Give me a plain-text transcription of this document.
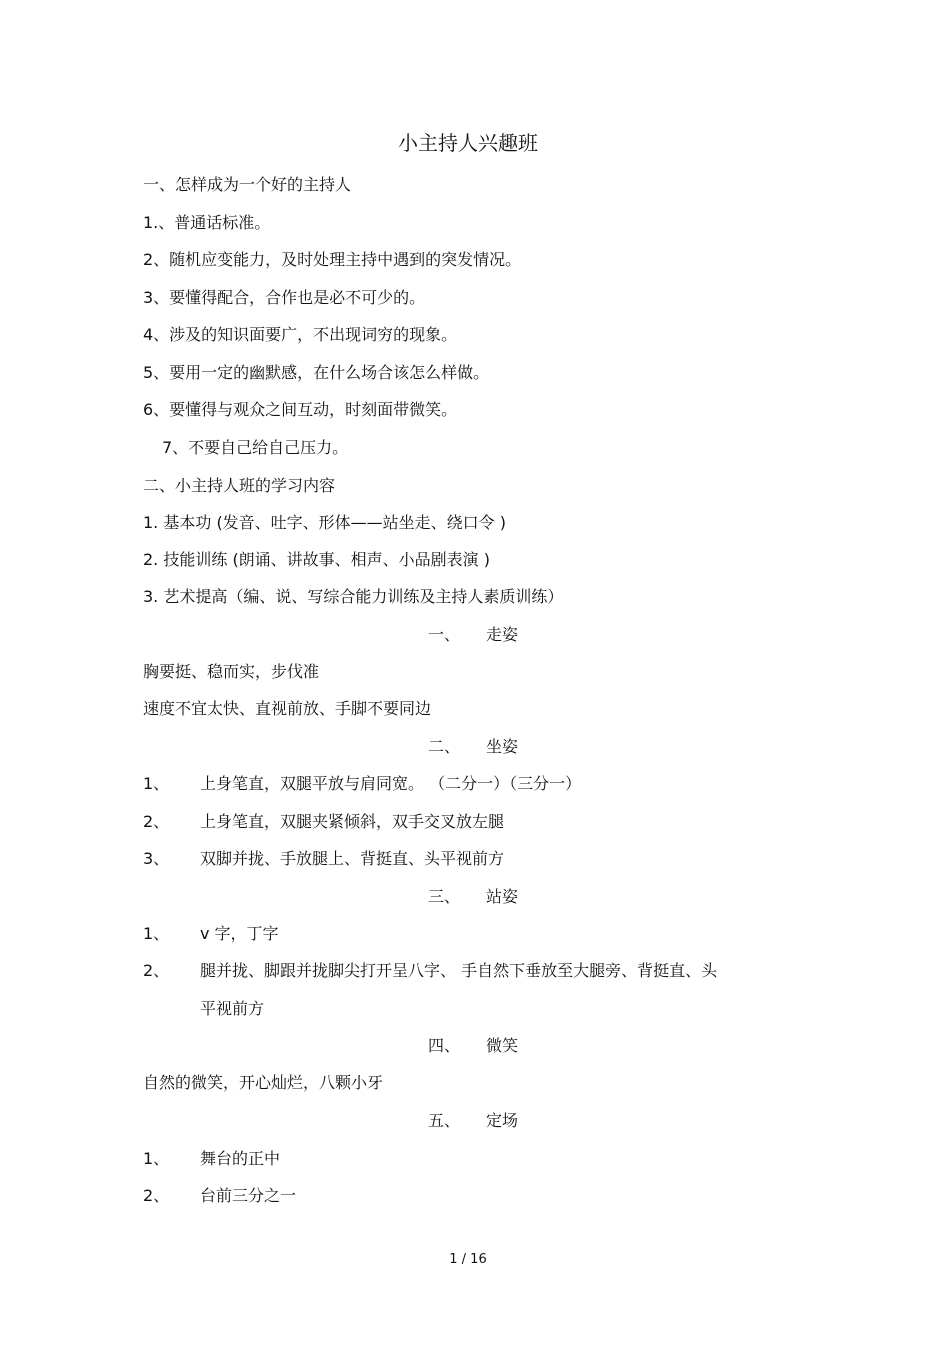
小主持人兴趣班
一、怎样成为一个好的主持人
1.、普通话标准。
2、随机应变能力，及时处理主持中遇到的突发情况。
3、要懂得配合，合作也是必不可少的。
4、涉及的知识面要广，不出现词穷的现象。
5、要用一定的幽默感，在什么场合该怎么样做。
6、要懂得与观众之间互动，时刻面带微笑。
7、不要自己给自己压力。
二、小主持人班的学习内容
1. 基本功 (发音、吐字、形体——站坐走、绕口令 )
2. 技能训练 (朗诵、讲故事、相声、小品剧表演 )
3. 艺术提高（编、说、写综合能力训练及主持人素质训练）
一、 走姿
胸要挺、稳而实，步伐准
速度不宜太快、直视前放、手脚不要同边
二、 坐姿
1、 上身笔直，双腿平放与肩同宽。 （二分一）（三分一）
2、 上身笔直，双腿夹紧倾斜，双手交叉放左腿
3、 双脚并拢、手放腿上、背挺直、头平视前方
三、 站姿
1、 v 字，丁字
2、 腿并拢、脚跟并拢脚尖打开呈八字、 手自然下垂放至大腿旁、背挺直、头
平视前方
四、 微笑
自然的微笑，开心灿烂，八颗小牙
五、 定场
1、 舞台的正中
2、 台前三分之一
1 / 16
